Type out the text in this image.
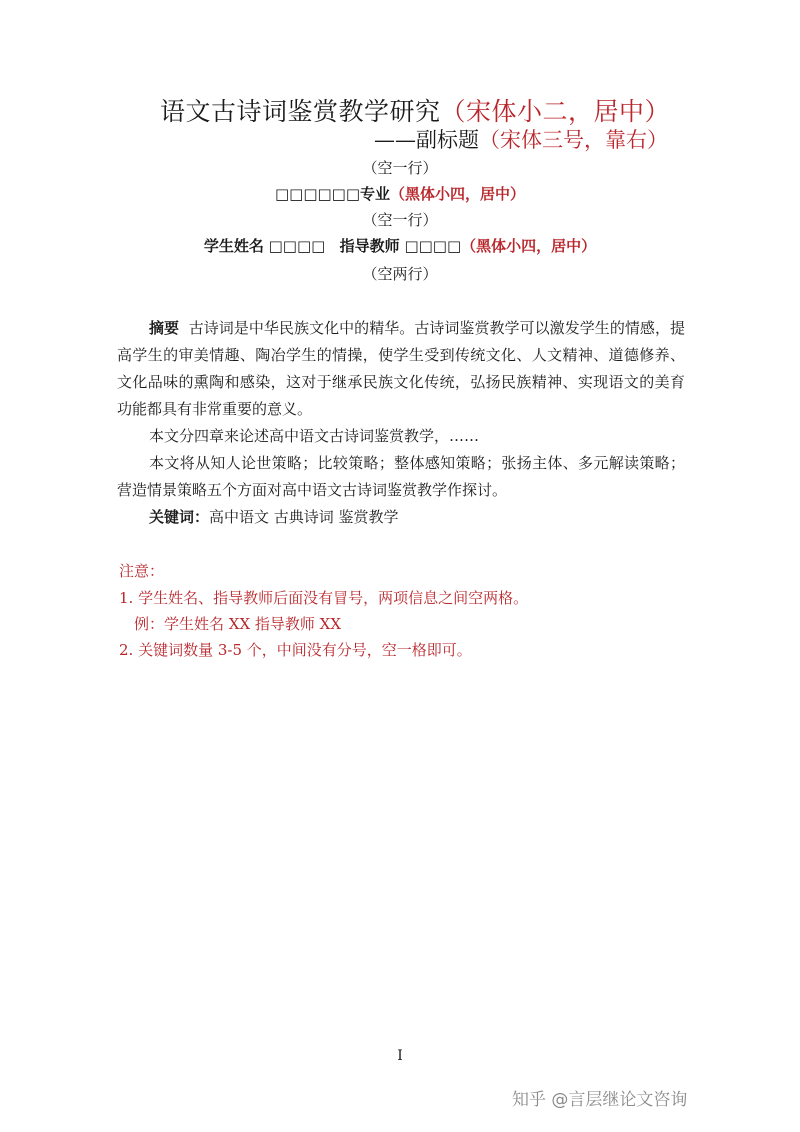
语文古诗词鉴赏教学研究（宋体小二，居中）
——副标题（宋体三号，靠右）
（空一行）
□□□□□□专业（黑体小四，居中）
（空一行）
学生姓名 □□□□ 指导教师 □□□□（黑体小四，居中）
（空两行）
摘要 古诗词是中华民族文化中的精华。古诗词鉴赏教学可以激发学生的情感，提高学生的审美情趣、陶冶学生的情操，使学生受到传统文化、人文精神、道德修养、文化品味的熏陶和感染，这对于继承民族文化传统，弘扬民族精神、实现语文的美育功能都具有非常重要的意义。
本文分四章来论述高中语文古诗词鉴赏教学，……
本文将从知人论世策略；比较策略；整体感知策略；张扬主体、多元解读策略；营造情景策略五个方面对高中语文古诗词鉴赏教学作探讨。
关键词：高中语文 古典诗词 鉴赏教学
注意：
1. 学生姓名、指导教师后面没有冒号，两项信息之间空两格。
例：学生姓名 XX 指导教师 XX
2. 关键词数量 3-5 个，中间没有分号，空一格即可。
I
知乎 @言层继论文咨询
